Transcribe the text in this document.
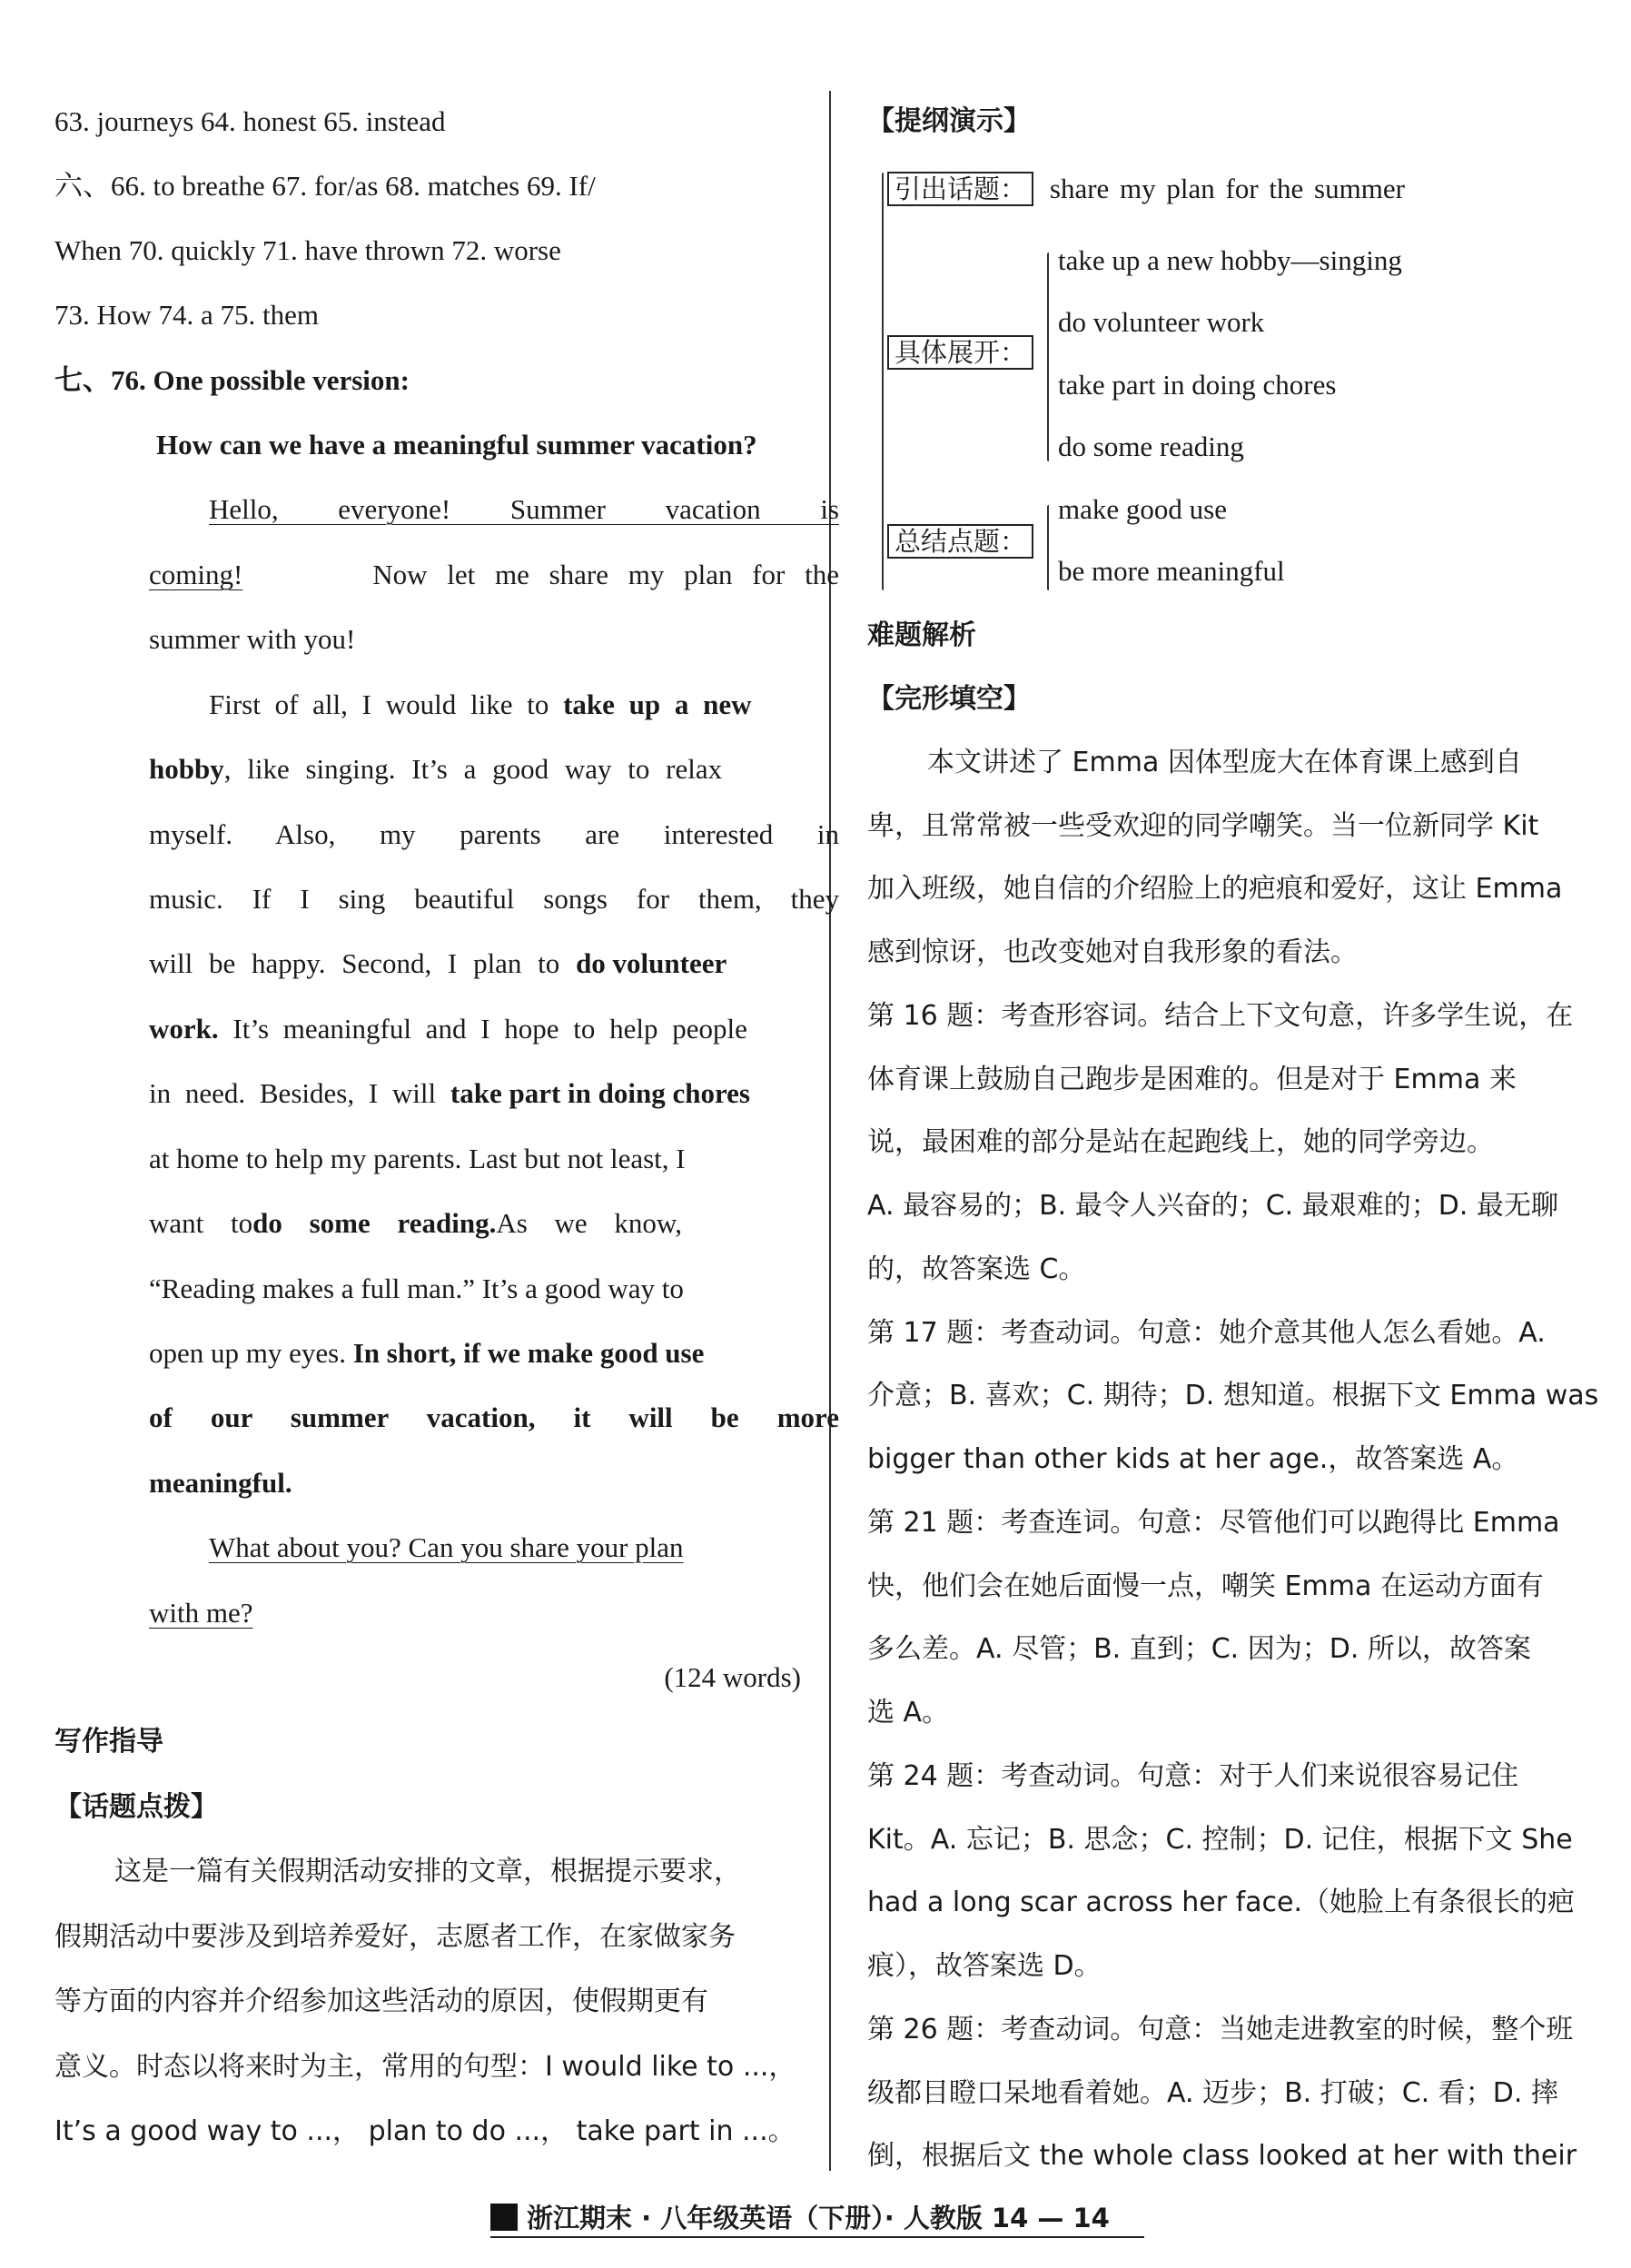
63. journeys 64. honest 65. instead
六、66. to breathe 67. for/as 68. matches 69. If/
When 70. quickly 71. have thrown 72. worse
73. How 74. a 75. them
七、76. One possible version:
How can we have a meaningful summer vacation?
Hello, everyone! Summer vacation is
coming!	Now let me share my plan for the
summer with you!
First of all, I would like to take up a new
hobby, like singing. It’s a good way to relax
myself. Also, my parents are interested in
music. If I sing beautiful songs for them, they
will be happy. Second, I plan to do volunteer
work. It’s meaningful and I hope to help people
in need. Besides, I will take part in doing chores
at home to help my parents. Last but not least, I
want to do some reading. As we know,
“Reading makes a full man.” It’s a good way to
open up my eyes. In short, if we make good use
of our summer vacation, it will be more
meaningful.
What about you? Can you share your plan
with me?
(124 words)
写作指导
【话题点拨】
这是一篇有关假期活动安排的文章，根据提示要求，
假期活动中要涉及到培养爱好，志愿者工作，在家做家务
等方面的内容并介绍参加这些活动的原因，使假期更有
意义。时态以将来时为主，常用的句型：I would like to ...，
It’s a good way to ...， plan to do ...， take part in ...。
【提纲演示】
引出话题： share my plan for the summer
take up a new hobby—singing
do volunteer work
具体展开：
take part in doing chores
do some reading
make good use
总结点题：
be more meaningful
难题解析
【完形填空】
本文讲述了 Emma 因体型庞大在体育课上感到自
卑，且常常被一些受欢迎的同学嘲笑。当一位新同学 Kit
加入班级，她自信的介绍脸上的疤痕和爱好，这让 Emma
感到惊讶，也改变她对自我形象的看法。
第 16 题：考查形容词。结合上下文句意，许多学生说，在
体育课上鼓励自己跑步是困难的。但是对于 Emma 来
说，最困难的部分是站在起跑线上，她的同学旁边。
A. 最容易的；B. 最令人兴奋的；C. 最艰难的；D. 最无聊
的，故答案选 C。
第 17 题：考查动词。句意：她介意其他人怎么看她。A.
介意；B. 喜欢；C. 期待；D. 想知道。根据下文 Emma was
bigger than other kids at her age.，故答案选 A。
第 21 题：考查连词。句意：尽管他们可以跑得比 Emma
快，他们会在她后面慢一点，嘲笑 Emma 在运动方面有
多么差。A. 尽管；B. 直到；C. 因为；D. 所以，故答案
选 A。
第 24 题：考查动词。句意：对于人们来说很容易记住
Kit。A. 忘记；B. 思念；C. 控制；D. 记住，根据下文 She
had a long scar across her face.（她脸上有条很长的疤
痕），故答案选 D。
第 26 题：考查动词。句意：当她走进教室的时候，整个班
级都目瞪口呆地看着她。A. 迈步；B. 打破；C. 看；D. 摔
倒，根据后文 the whole class looked at her with their
浙江期末 · 八年级英语（下册）· 人教版 14 — 14
